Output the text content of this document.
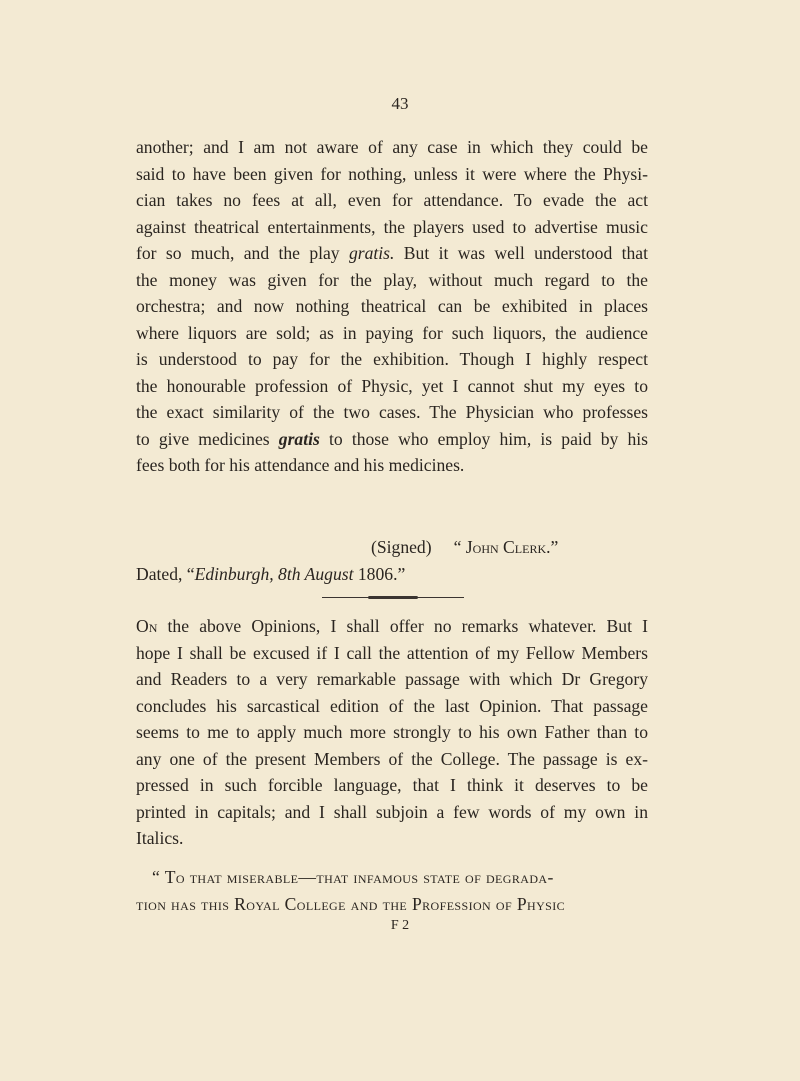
43
another; and I am not aware of any case in which they could be
said to have been given for nothing, unless it were where the Physi-
cian takes no fees at all, even for attendance. To evade the act
against theatrical entertainments, the players used to advertise music
for so much, and the play gratis. But it was well understood that
the money was given for the play, without much regard to the
orchestra; and now nothing theatrical can be exhibited in places
where liquors are sold; as in paying for such liquors, the audience
is understood to pay for the exhibition. Though I highly respect
the honourable profession of Physic, yet I cannot shut my eyes to
the exact similarity of the two cases. The Physician who professes
to give medicines gratis to those who employ him, is paid by his
fees both for his attendance and his medicines.
(Signed) “ John Clerk.”
Dated, “Edinburgh, 8th August 1806.”
On the above Opinions, I shall offer no remarks whatever. But I
hope I shall be excused if I call the attention of my Fellow Members
and Readers to a very remarkable passage with which Dr Gregory
concludes his sarcastical edition of the last Opinion. That passage
seems to me to apply much more strongly to his own Father than to
any one of the present Members of the College. The passage is ex-
pressed in such forcible language, that I think it deserves to be
printed in capitals; and I shall subjoin a few words of my own in
Italics.
“ To that miserable—that infamous state of degrada-
tion has this Royal College and the Profession of Physic
F 2
